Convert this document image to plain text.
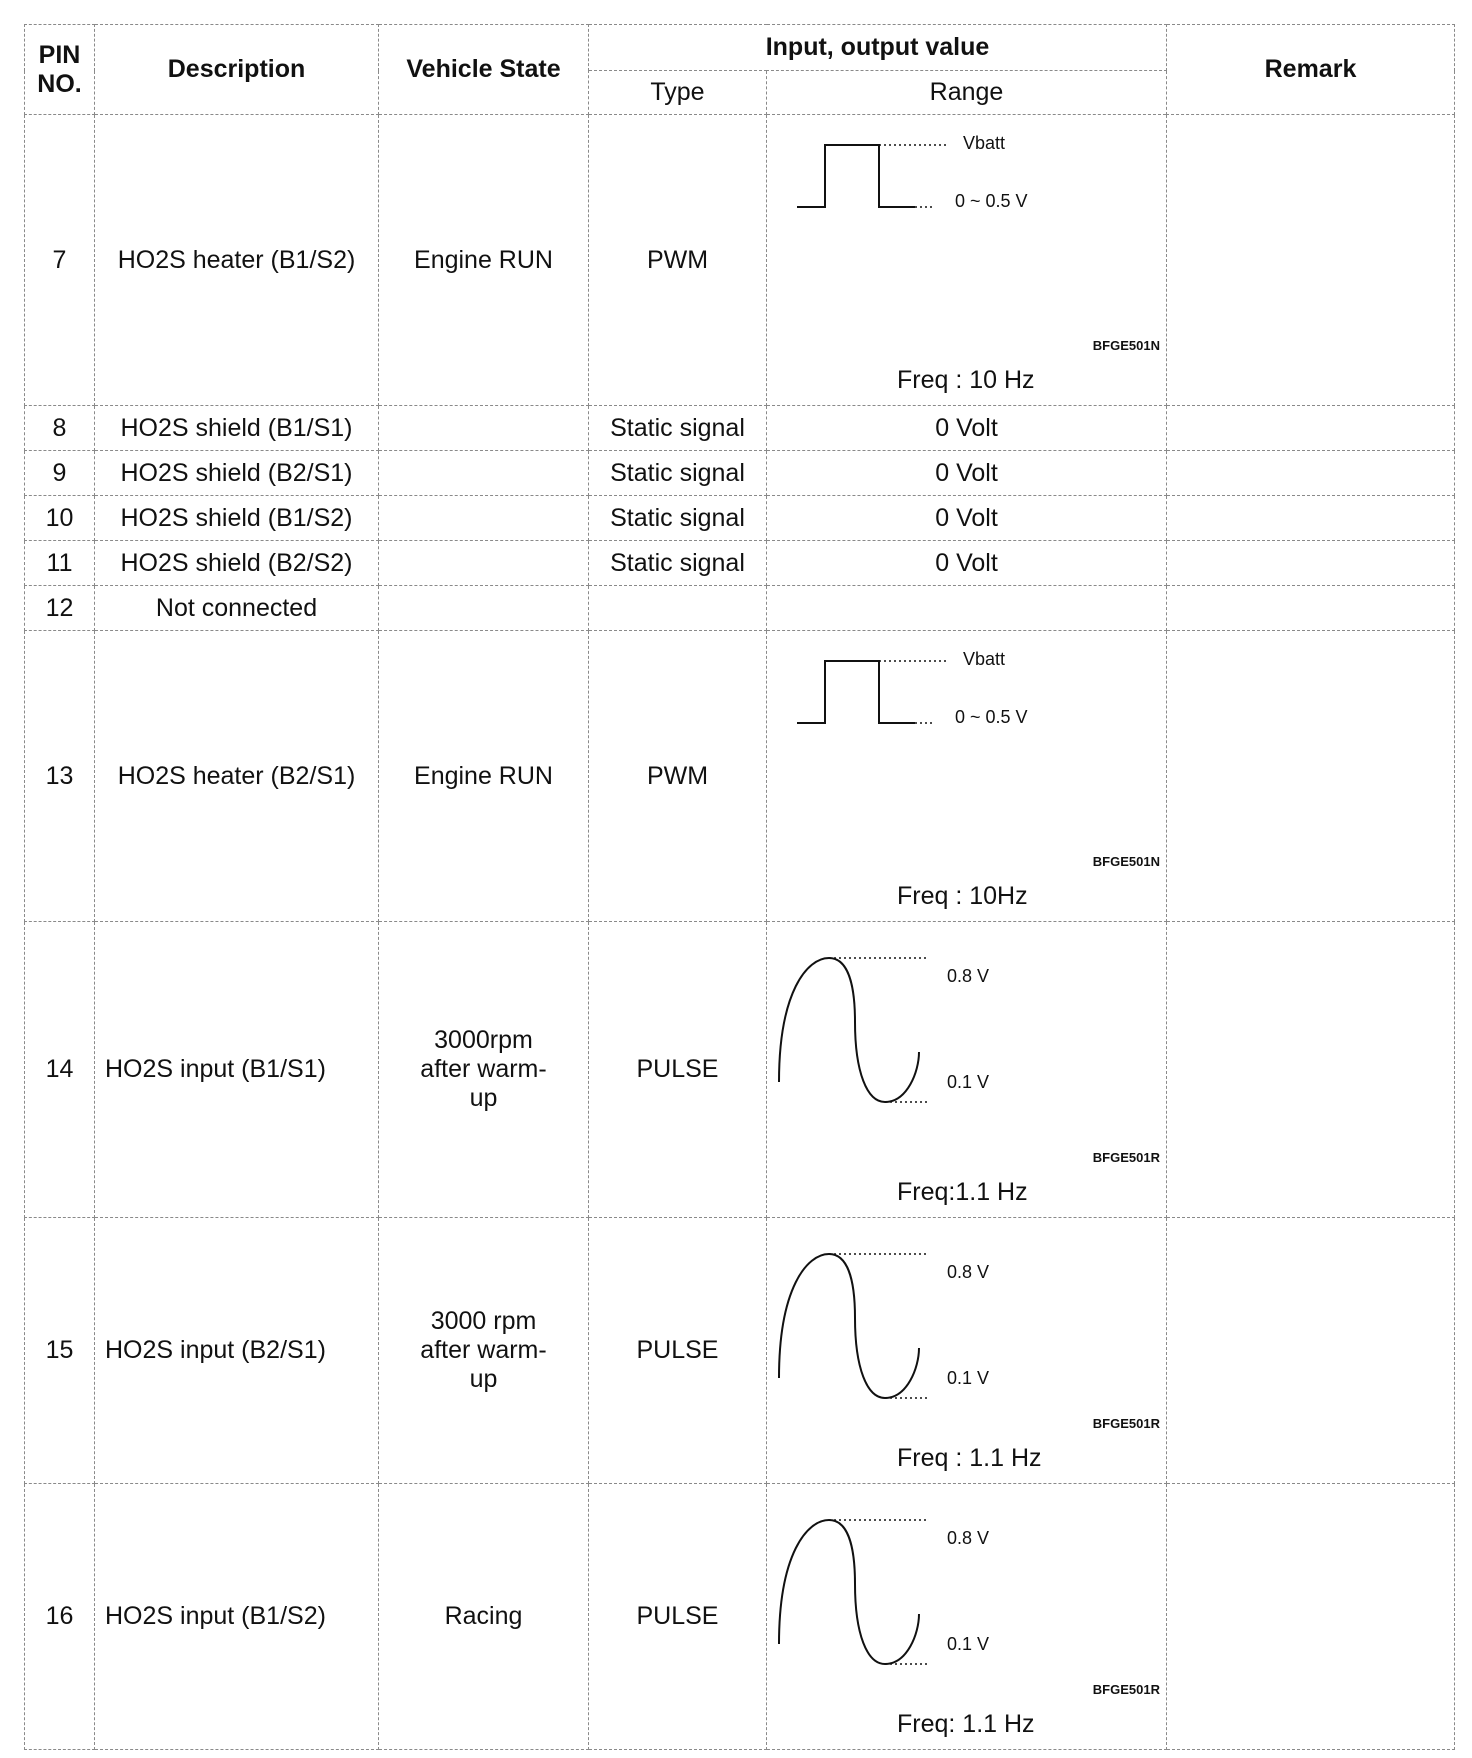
PIN NO.	Description	Vehicle State	Input, output value		Remark
			Type	Range	
7	HO2S heater (B1/S2)	Engine RUN	PWM	Vbatt
0 ~ 0.5 V
BFGE501N
Freq : 10 Hz	

8	HO2S shield (B1/S1)		Static signal	0 Volt	
9	HO2S shield (B2/S1)		Static signal	0 Volt	
10	HO2S shield (B1/S2)		Static signal	0 Volt	
11	HO2S shield (B2/S2)		Static signal	0 Volt	
12	Not connected				
13	HO2S heater (B2/S1)	Engine RUN	PWM	Vbatt
0 ~ 0.5 V
BFGE501N
Freq : 10Hz	

14	HO2S input (B1/S1)	3000rpm after warm-up	PULSE	0.8 V
0.1 V
BFGE501R
Freq:1.1 Hz	

15	HO2S input (B2/S1)	3000 rpm after warm-up	PULSE	0.8 V
0.1 V
BFGE501R
Freq : 1.1 Hz	

16	HO2S input (B1/S2)	Racing	PULSE	0.8 V
0.1 V
BFGE501R
Freq: 1.1 Hz	
